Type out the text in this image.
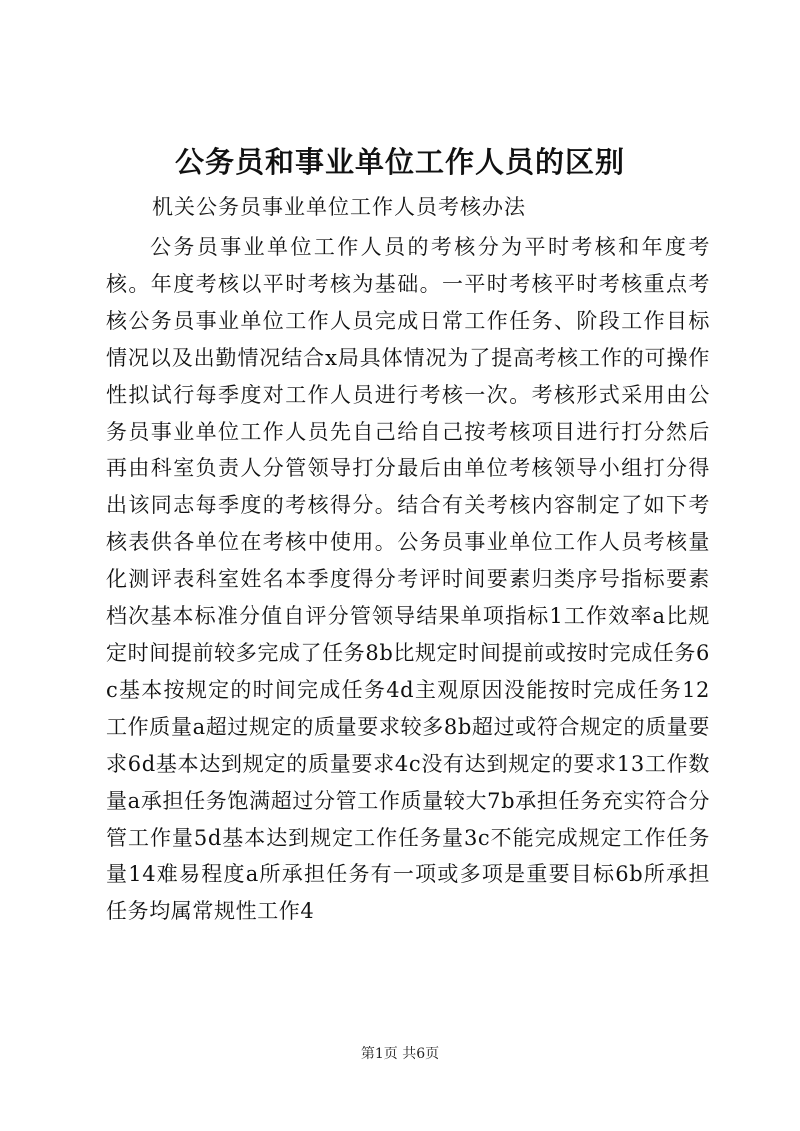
公务员和事业单位工作人员的区别
机关公务员事业单位工作人员考核办法

公务员事业单位工作人员的考核分为平时考核和年度考核。年度考核以平时考核为基础。一平时考核平时考核重点考核公务员事业单位工作人员完成日常工作任务、阶段工作目标情况以及出勤情况结合x局具体情况为了提高考核工作的可操作性拟试行每季度对工作人员进行考核一次。考核形式采用由公务员事业单位工作人员先自己给自己按考核项目进行打分然后再由科室负责人分管领导打分最后由单位考核领导小组打分得出该同志每季度的考核得分。结合有关考核内容制定了如下考核表供各单位在考核中使用。公务员事业单位工作人员考核量化测评表科室姓名本季度得分考评时间要素归类序号指标要素档次基本标准分值自评分管领导结果单项指标1工作效率a比规定时间提前较多完成了任务8b比规定时间提前或按时完成任务6c基本按规定的时间完成任务4d主观原因没能按时完成任务12工作质量a超过规定的质量要求较多8b超过或符合规定的质量要求6d基本达到规定的质量要求4c没有达到规定的要求13工作数量a承担任务饱满超过分管工作质量较大7b承担任务充实符合分管工作量5d基本达到规定工作任务量3c不能完成规定工作任务量14难易程度a所承担任务有一项或多项是重要目标6b所承担任务均属常规性工作4

第1页 共6页
